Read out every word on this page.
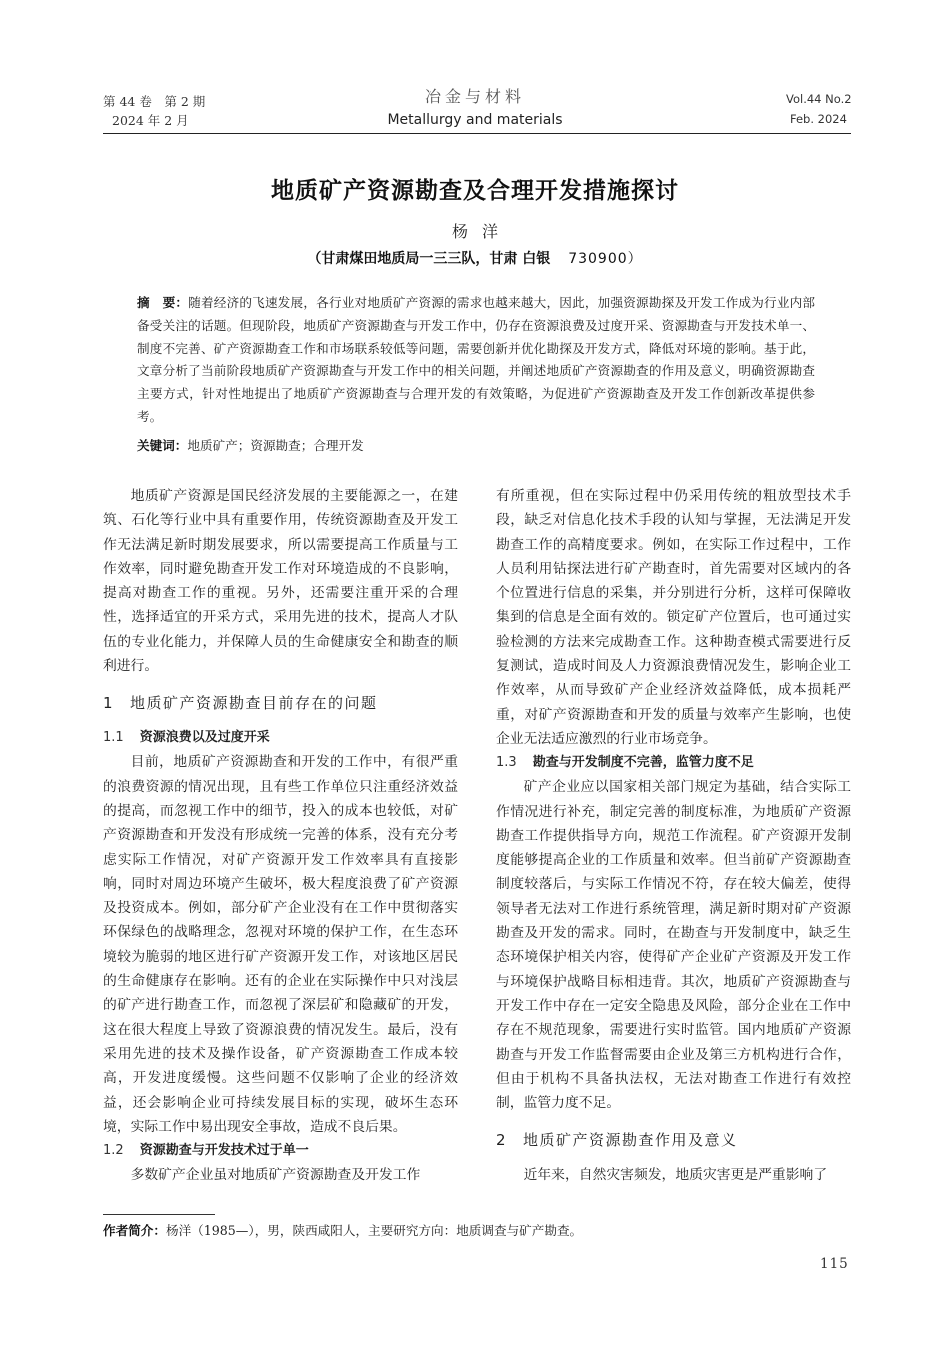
第 44 卷　第 2 期
2024 年 2 月
冶金与材料
Metallurgy and materials
Vol.44 No.2
Feb. 2024
地质矿产资源勘查及合理开发措施探讨
杨洋
（甘肃煤田地质局一三三队，甘肃 白银 730900）
摘　要：随着经济的飞速发展，各行业对地质矿产资源的需求也越来越大，因此，加强资源勘探及开发工作成为行业内部备受关注的话题。但现阶段，地质矿产资源勘查与开发工作中，仍存在资源浪费及过度开采、资源勘查与开发技术单一、制度不完善、矿产资源勘查工作和市场联系较低等问题，需要创新并优化勘探及开发方式，降低对环境的影响。基于此，文章分析了当前阶段地质矿产资源勘查与开发工作中的相关问题，并阐述地质矿产资源勘查的作用及意义，明确资源勘查主要方式，针对性地提出了地质矿产资源勘查与合理开发的有效策略，为促进矿产资源勘查及开发工作创新改革提供参考。
关键词：地质矿产；资源勘查；合理开发

地质矿产资源是国民经济发展的主要能源之一，在建筑、石化等行业中具有重要作用，传统资源勘查及开发工作无法满足新时期发展要求，所以需要提高工作质量与工作效率，同时避免勘查开发工作对环境造成的不良影响，提高对勘查工作的重视。另外，还需要注重开采的合理性，选择适宜的开采方式，采用先进的技术，提高人才队伍的专业化能力，并保障人员的生命健康安全和勘查的顺利进行。

1 地质矿产资源勘查目前存在的问题
1.1 资源浪费以及过度开采

目前，地质矿产资源勘查和开发的工作中，有很严重的浪费资源的情况出现，且有些工作单位只注重经济效益的提高，而忽视工作中的细节，投入的成本也较低，对矿产资源勘查和开发没有形成统一完善的体系，没有充分考虑实际工作情况，对矿产资源开发工作效率具有直接影响，同时对周边环境产生破坏，极大程度浪费了矿产资源及投资成本。例如，部分矿产企业没有在工作中贯彻落实环保绿色的战略理念，忽视对环境的保护工作，在生态环境较为脆弱的地区进行矿产资源开发工作，对该地区居民的生命健康存在影响。还有的企业在实际操作中只对浅层的矿产进行勘查工作，而忽视了深层矿和隐藏矿的开发，这在很大程度上导致了资源浪费的情况发生。最后，没有采用先进的技术及操作设备，矿产资源勘查工作成本较高，开发进度缓慢。这些问题不仅影响了企业的经济效益，还会影响企业可持续发展目标的实现，破坏生态环境，实际工作中易出现安全事故，造成不良后果。

1.2 资源勘查与开发技术过于单一

多数矿产企业虽对地质矿产资源勘查及开发工作

有所重视，但在实际过程中仍采用传统的粗放型技术手段，缺乏对信息化技术手段的认知与掌握，无法满足开发勘查工作的高精度要求。例如，在实际工作过程中，工作人员利用钻探法进行矿产勘查时，首先需要对区域内的各个位置进行信息的采集，并分别进行分析，这样可保障收集到的信息是全面有效的。锁定矿产位置后，也可通过实验检测的方法来完成勘查工作。这种勘查模式需要进行反复测试，造成时间及人力资源浪费情况发生，影响企业工作效率，从而导致矿产企业经济效益降低，成本损耗严重，对矿产资源勘查和开发的质量与效率产生影响，也使企业无法适应激烈的行业市场竞争。

1.3 勘查与开发制度不完善，监管力度不足

矿产企业应以国家相关部门规定为基础，结合实际工作情况进行补充，制定完善的制度标准，为地质矿产资源勘查工作提供指导方向，规范工作流程。矿产资源开发制度能够提高企业的工作质量和效率。但当前矿产资源勘查制度较落后，与实际工作情况不符，存在较大偏差，使得领导者无法对工作进行系统管理，满足新时期对矿产资源勘查及开发的需求。同时，在勘查与开发制度中，缺乏生态环境保护相关内容，使得矿产企业矿产资源及开发工作与环境保护战略目标相违背。其次，地质矿产资源勘查与开发工作中存在一定安全隐患及风险，部分企业在工作中存在不规范现象，需要进行实时监管。国内地质矿产资源勘查与开发工作监督需要由企业及第三方机构进行合作，但由于机构不具备执法权，无法对勘查工作进行有效控制，监管力度不足。

2 地质矿产资源勘查作用及意义

近年来，自然灾害频发，地质灾害更是严重影响了

作者简介：杨洋（1985—），男，陕西咸阳人，主要研究方向：地质调查与矿产勘查。
115
